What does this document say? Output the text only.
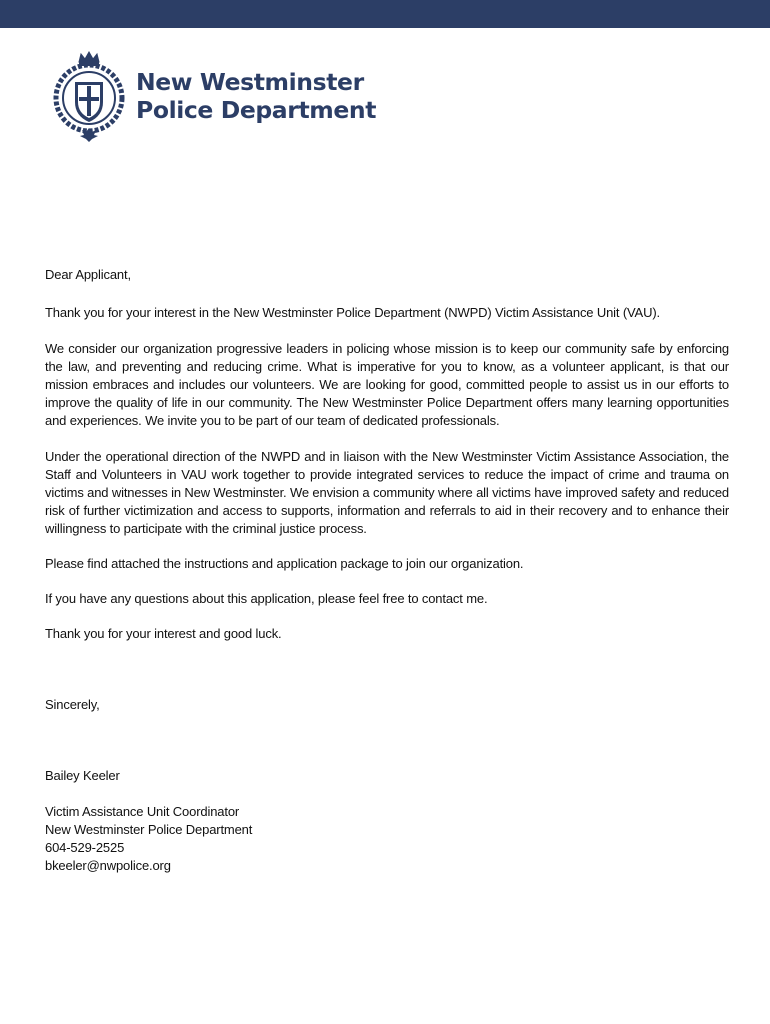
New Westminster
Police Department

Dear Applicant,

Thank you for your interest in the New Westminster Police Department (NWPD) Victim Assistance Unit (VAU).

We consider our organization progressive leaders in policing whose mission is to keep our community safe by enforcing the law, and preventing and reducing crime. What is imperative for you to know, as a volunteer applicant, is that our mission embraces and includes our volunteers. We are looking for good, committed people to assist us in our efforts to improve the quality of life in our community. The New Westminster Police Department offers many learning opportunities and experiences. We invite you to be part of our team of dedicated professionals.

Under the operational direction of the NWPD and in liaison with the New Westminster Victim Assistance Association, the Staff and Volunteers in VAU work together to provide integrated services to reduce the impact of crime and trauma on victims and witnesses in New Westminster. We envision a community where all victims have improved safety and reduced risk of further victimization and access to supports, information and referrals to aid in their recovery and to enhance their willingness to participate with the criminal justice process.

Please find attached the instructions and application package to join our organization.

If you have any questions about this application, please feel free to contact me.

Thank you for your interest and good luck.

Sincerely,

Bailey Keeler

Victim Assistance Unit Coordinator
New Westminster Police Department
604-529-2525
bkeeler@nwpolice.org
